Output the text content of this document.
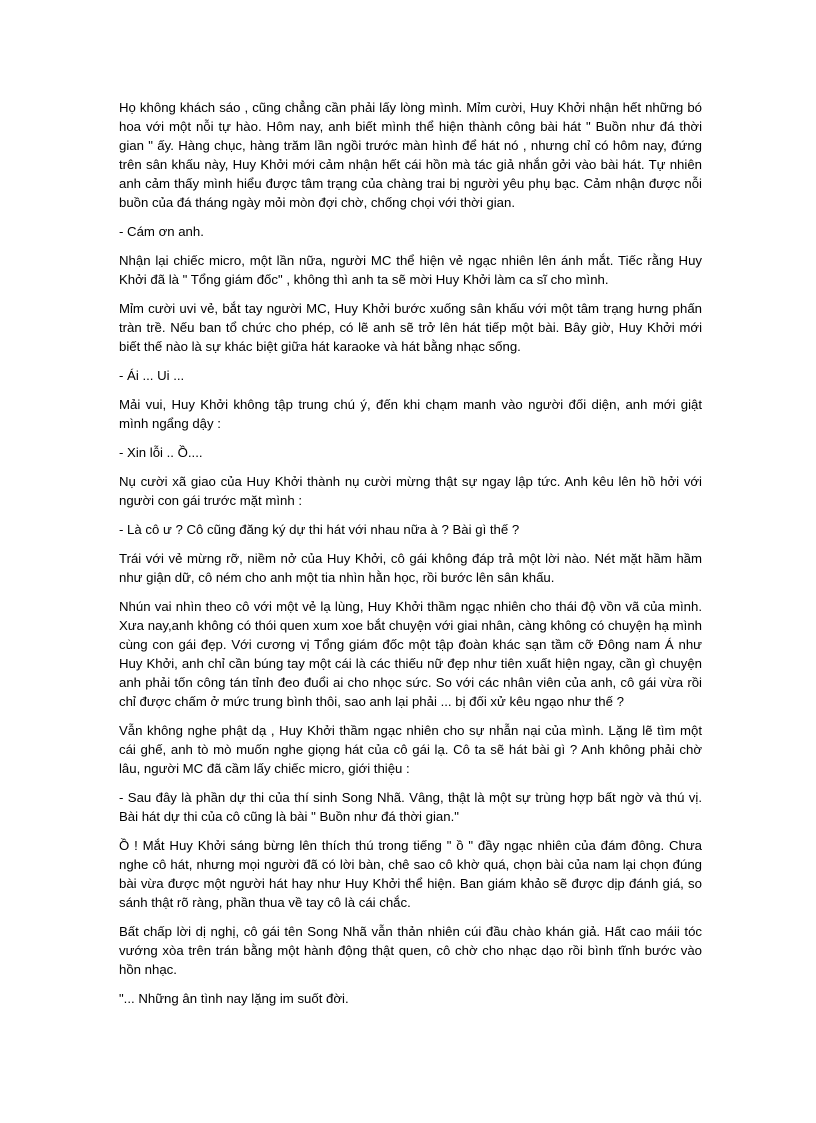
Họ không khách sáo , cũng chẳng cần phải lấy lòng mình. Mỉm cười, Huy Khởi nhận hết những bó hoa với một nỗi tự hào. Hôm nay, anh biết mình thể hiện thành công bài hát " Buồn như đá thời gian " ấy. Hàng chục, hàng trăm lần ngồi trước màn hình để hát nó , nhưng chỉ có hôm nay, đứng trên sân khấu này, Huy Khởi mới cảm nhận hết cái hồn mà tác giả nhắn gởi vào bài hát. Tự nhiên anh cảm thấy mình hiểu được tâm trạng của chàng trai bị người yêu phụ bạc. Cảm nhận được nỗi buồn của đá tháng ngày mỏi mòn đợi chờ, chống chọi với thời gian.

- Cám ơn anh.

Nhận lại chiếc micro, một lần nữa, người MC thể hiện vẻ ngạc nhiên lên ánh mắt. Tiếc rằng Huy Khởi đã là " Tổng giám đốc" , không thì anh ta sẽ mời Huy Khởi làm ca sĩ cho mình.

Mỉm cười uvi vẻ, bắt tay người MC, Huy Khởi bước xuống sân khấu với một tâm trạng hưng phấn tràn trề. Nếu ban tổ chức cho phép, có lẽ anh sẽ trở lên hát tiếp một bài. Bây giờ, Huy Khởi mới biết thế nào là sự khác biệt giữa hát karaoke và hát bằng nhạc sống.

- Ái ... Ui ...

Mải vui, Huy Khởi không tập trung chú ý, đến khi chạm manh vào người đối diện, anh mới giật mình ngẩng dậy :

- Xin lỗi .. Ồ....

Nụ cười xã giao của Huy Khởi thành nụ cười mừng thật sự ngay lập tức. Anh kêu lên hồ hởi với người con gái trước mặt mình :

- Là cô ư ? Cô cũng đăng ký dự thi hát với nhau nữa à ? Bài gì thế ?

Trái với vẻ mừng rỡ, niềm nở của Huy Khởi, cô gái không đáp trả một lời nào. Nét mặt hầm hầm như giận dữ, cô ném cho anh một tia nhìn hằn học, rồi bước lên sân khấu.

Nhún vai nhìn theo cô với một vẻ lạ lùng, Huy Khởi thầm ngạc nhiên cho thái độ vồn vã của mình. Xưa nay,anh không có thói quen xum xoe bắt chuyện với giai nhân, càng không có chuyện hạ mình cùng con gái đẹp. Với cương vị Tổng giám đốc một tập đoàn khác sạn tầm cỡ Đông nam Á như Huy Khởi, anh chỉ cần búng tay một cái là các thiếu nữ đẹp như tiên xuất hiện ngay, cần gì chuyện anh phải tốn công tán tỉnh đeo đuổi ai cho nhọc sức. So với các nhân viên của anh, cô gái vừa rồi chỉ được chấm ở mức trung bình thôi, sao anh lại phải ... bị đối xử kêu ngạo như thế ?

Vẫn không nghe phật dạ , Huy Khởi thầm ngạc nhiên cho sự nhẫn nại của mình. Lặng lẽ tìm một cái ghế, anh tò mò muốn nghe giọng hát của cô gái lạ. Cô ta sẽ hát bài gì ? Anh không phải chờ lâu, người MC đã cầm lấy chiếc micro, giới thiệu :

- Sau đây là phần dự thi của thí sinh Song Nhã. Vâng, thật là một sự trùng hợp bất ngờ và thú vị. Bài hát dự thi của cô cũng là bài " Buồn như đá thời gian."

Ồ ! Mắt Huy Khởi sáng bừng lên thích thú trong tiếng " ồ " đầy ngạc nhiên của đám đông. Chưa nghe cô hát, nhưng mọi người đã có lời bàn, chê sao cô khờ quá, chọn bài của nam lại chọn đúng bài vừa được một người hát hay như Huy Khởi thể hiện. Ban giám khảo sẽ được dịp đánh giá, so sánh thật rõ ràng, phần thua về tay cô là cái chắc.

Bất chấp lời dị nghị, cô gái tên Song Nhã vẫn thản nhiên cúi đầu chào khán giả. Hất cao máii tóc vướng xòa trên trán bằng một hành động thật quen, cô chờ cho nhạc dạo rồi bình tĩnh bước vào hồn nhạc.

"... Những ân tình nay lặng im suốt đời.
